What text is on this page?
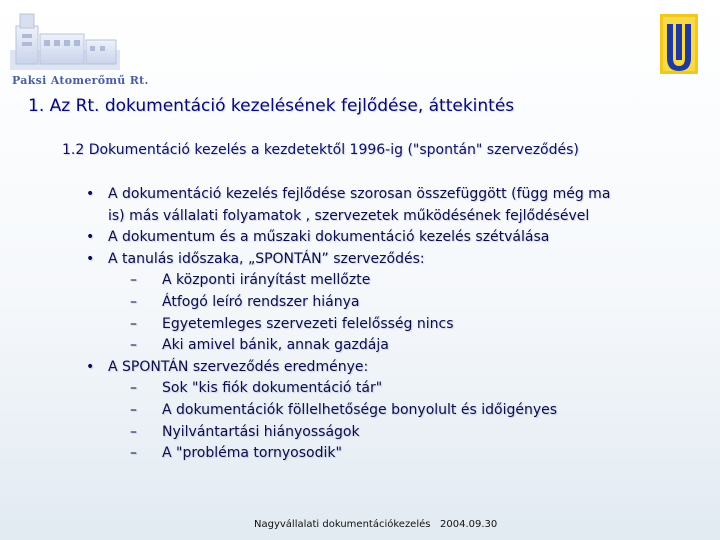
Paksi Atomerőmű Rt.
1. Az Rt. dokumentáció kezelésének fejlődése, áttekintés
1.2 Dokumentáció kezelés a kezdetektől 1996-ig ("spontán" szerveződés)
• A dokumentáció kezelés fejlődése szorosan összefüggött (függ még ma
is) más vállalati folyamatok , szervezetek működésének fejlődésével
• A dokumentum és a műszaki dokumentáció kezelés szétválása
• A tanulás időszaka, „SPONTÁN” szerveződés:
–	A központi irányítást mellőzte
–	Átfogó leíró rendszer hiánya
–	Egyetemleges szervezeti felelősség nincs
–	Aki amivel bánik, annak gazdája
• A SPONTÁN szerveződés eredménye:
–	Sok "kis fiók dokumentáció tár"
–	A dokumentációk föllelhetősége bonyolult és időigényes
–	Nyilvántartási hiányosságok
–	A "probléma tornyosodik"
Nagyvállalati dokumentációkezelés 2004.09.30
